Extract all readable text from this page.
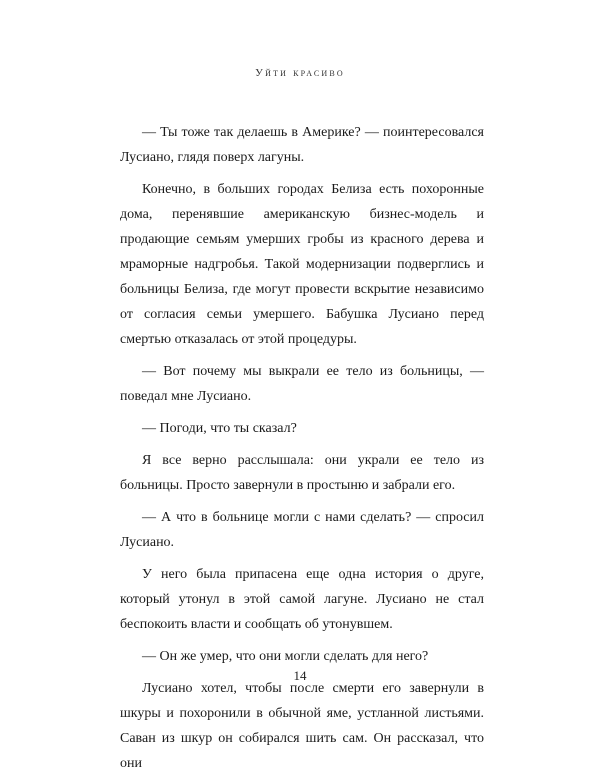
Уйти красиво

— Ты тоже так делаешь в Америке? — поинтересовался Лусиано, глядя поверх лагуны.

Конечно, в больших городах Белиза есть похоронные дома, перенявшие американскую бизнес-модель и продающие семьям умерших гробы из красного дерева и мраморные надгробья. Такой модернизации подверглись и больницы Белиза, где могут провести вскрытие независимо от согласия семьи умершего. Бабушка Лусиано перед смертью отказалась от этой процедуры.

— Вот почему мы выкрали ее тело из больницы, — поведал мне Лусиано.

— Погоди, что ты сказал?

Я все верно расслышала: они украли ее тело из больницы. Просто завернули в простыню и забрали его.

— А что в больнице могли с нами сделать? — спросил Лусиано.

У него была припасена еще одна история о друге, который утонул в этой самой лагуне. Лусиано не стал беспокоить власти и сообщать об утонувшем.

— Он же умер, что они могли сделать для него?

Лусиано хотел, чтобы после смерти его завернули в шкуры и похоронили в обычной яме, устланной листьями. Саван из шкур он собирался шить сам. Он рассказал, что они

14
